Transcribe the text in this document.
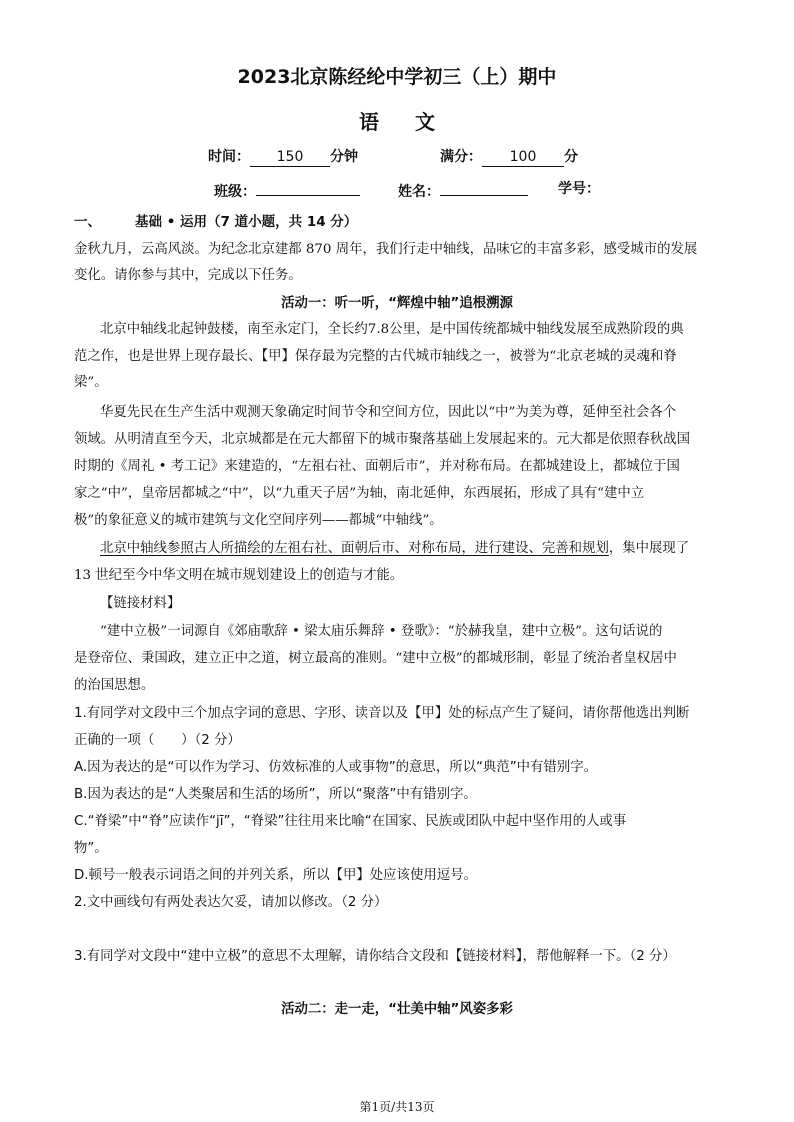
2023北京陈经纶中学初三（上）期中
语文
时间： 150 分钟	满分： 100 分
班级：	姓名：	学号：
一、	基础 • 运用（7 道小题，共 14 分）
金秋九月，云高风淡。为纪念北京建都 870 周年，我们行走中轴线，品味它的丰富多彩，感受城市的发展
变化。请你参与其中，完成以下任务。
活动一：听一听，“辉煌中轴”追根溯源
北京中轴线北起钟鼓楼，南至永定门，全长约7.8公里，是中国传统都城中轴线发展至成熟阶段的典
范之作，也是世界上现存最长、【甲】保存最为完整的古代城市轴线之一，被誉为“北京老城的灵魂和脊
梁”。
华夏先民在生产生活中观测天象确定时间节令和空间方位，因此以“中”为美为尊，延伸至社会各个
领域。从明清直至今天，北京城都是在元大都留下的城市聚落基础上发展起来的。元大都是依照春秋战国
时期的《周礼 • 考工记》来建造的，“左祖右社、面朝后市”，并对称布局。在都城建设上，都城位于国
家之“中”，皇帝居都城之“中”，以“九重天子居”为轴，南北延伸，东西展拓，形成了具有“建中立
极”的象征意义的城市建筑与文化空间序列——都城“中轴线”。
北京中轴线参照古人所描绘的左祖右社、面朝后市、对称布局，进行建设、完善和规划，集中展现了
13 世纪至今中华文明在城市规划建设上的创造与才能。
【链接材料】
“建中立极”一词源自《郊庙歌辞 • 梁太庙乐舞辞 • 登歌》：“於赫我皇，建中立极”。这句话说的
是登帝位、秉国政，建立正中之道，树立最高的准则。“建中立极”的都城形制，彰显了统治者皇权居中
的治国思想。
1.有同学对文段中三个加点字词的意思、字形、读音以及【甲】处的标点产生了疑问，请你帮他选出判断
正确的一项（　　）（2 分）
A.因为表达的是“可以作为学习、仿效标准的人或事物”的意思，所以“典范”中有错别字。
B.因为表达的是“人类聚居和生活的场所”，所以“聚落”中有错别字。
C.“脊梁”中“脊”应读作“jī”，“脊梁”往往用来比喻“在国家、民族或团队中起中坚作用的人或事
物”。
D.顿号一般表示词语之间的并列关系，所以【甲】处应该使用逗号。
2.文中画线句有两处表达欠妥，请加以修改。（2 分）
3.有同学对文段中“建中立极”的意思不太理解，请你结合文段和【链接材料】，帮他解释一下。（2 分）
活动二：走一走，“壮美中轴”风姿多彩
第1页/共13页
